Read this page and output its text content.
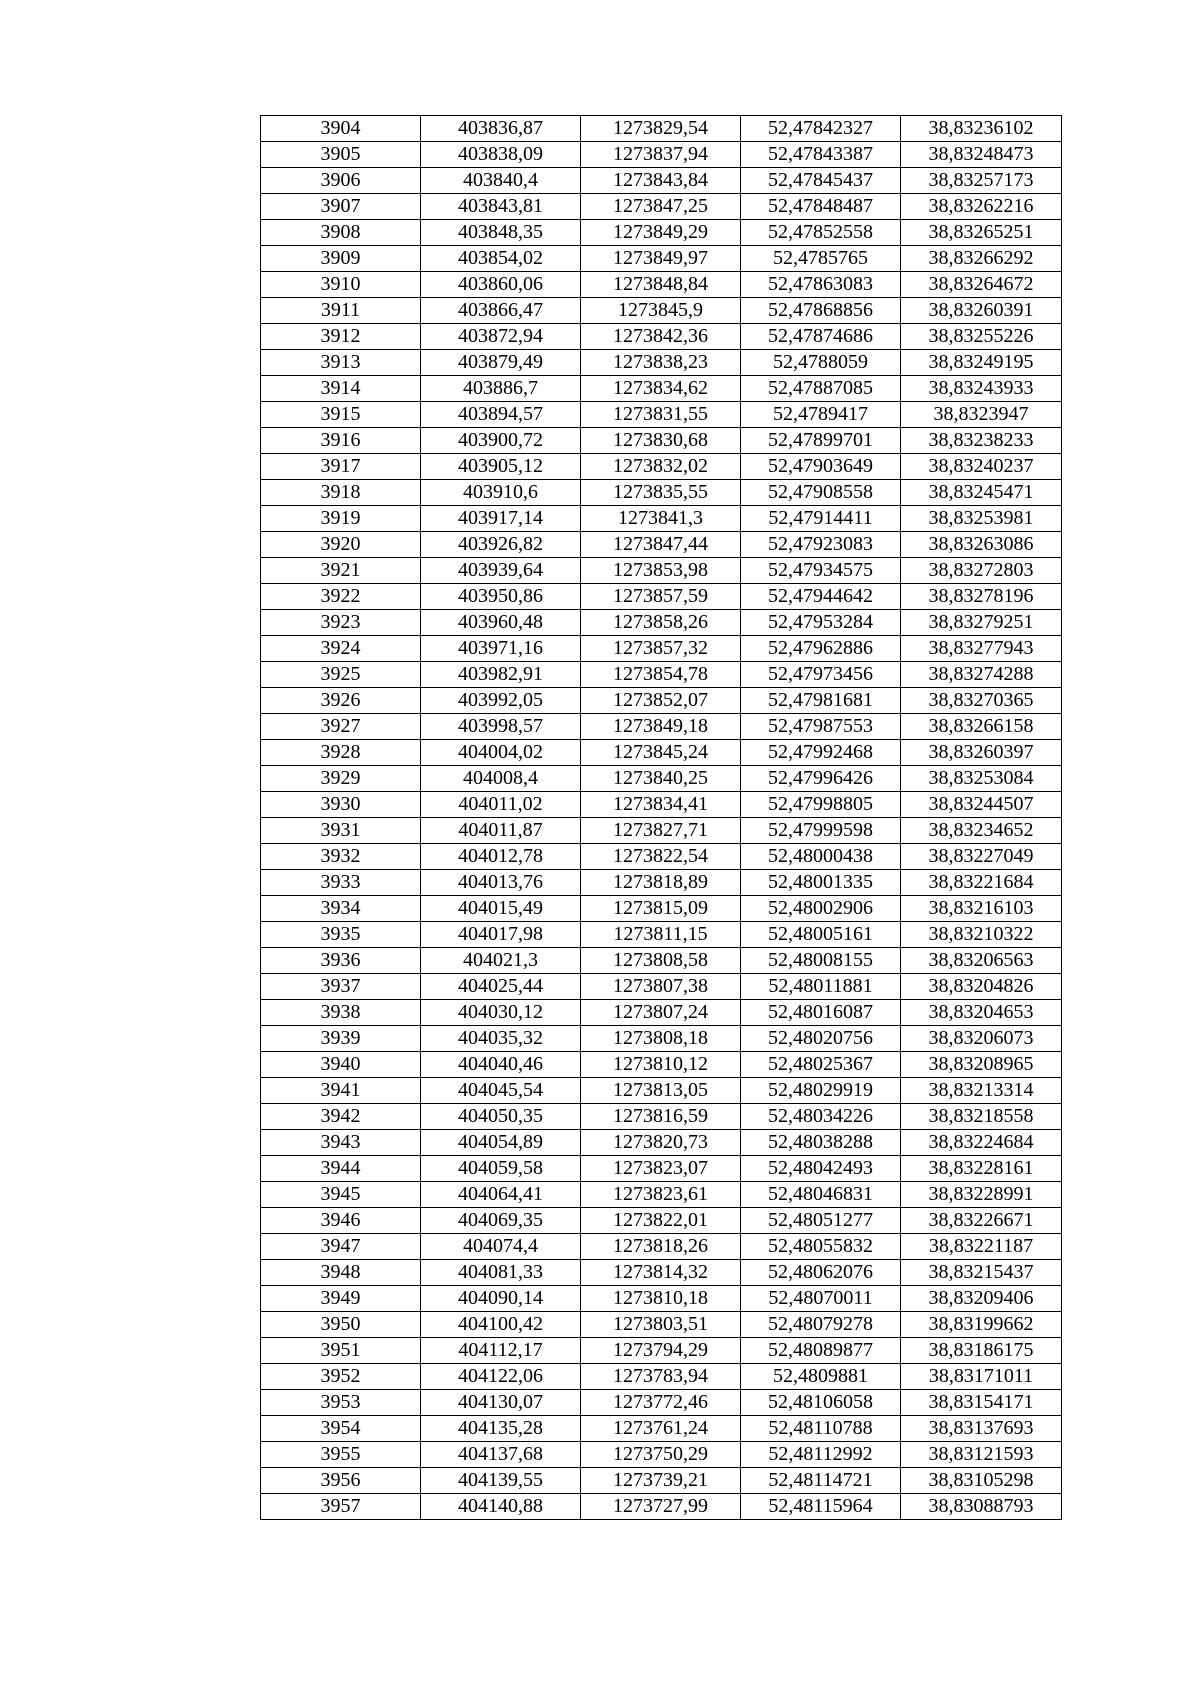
3904	403836,87	1273829,54	52,47842327	38,83236102
3905	403838,09	1273837,94	52,47843387	38,83248473
3906	403840,4	1273843,84	52,47845437	38,83257173
3907	403843,81	1273847,25	52,47848487	38,83262216
3908	403848,35	1273849,29	52,47852558	38,83265251
3909	403854,02	1273849,97	52,4785765	38,83266292
3910	403860,06	1273848,84	52,47863083	38,83264672
3911	403866,47	1273845,9	52,47868856	38,83260391
3912	403872,94	1273842,36	52,47874686	38,83255226
3913	403879,49	1273838,23	52,4788059	38,83249195
3914	403886,7	1273834,62	52,47887085	38,83243933
3915	403894,57	1273831,55	52,4789417	38,8323947
3916	403900,72	1273830,68	52,47899701	38,83238233
3917	403905,12	1273832,02	52,47903649	38,83240237
3918	403910,6	1273835,55	52,47908558	38,83245471
3919	403917,14	1273841,3	52,47914411	38,83253981
3920	403926,82	1273847,44	52,47923083	38,83263086
3921	403939,64	1273853,98	52,47934575	38,83272803
3922	403950,86	1273857,59	52,47944642	38,83278196
3923	403960,48	1273858,26	52,47953284	38,83279251
3924	403971,16	1273857,32	52,47962886	38,83277943
3925	403982,91	1273854,78	52,47973456	38,83274288
3926	403992,05	1273852,07	52,47981681	38,83270365
3927	403998,57	1273849,18	52,47987553	38,83266158
3928	404004,02	1273845,24	52,47992468	38,83260397
3929	404008,4	1273840,25	52,47996426	38,83253084
3930	404011,02	1273834,41	52,47998805	38,83244507
3931	404011,87	1273827,71	52,47999598	38,83234652
3932	404012,78	1273822,54	52,48000438	38,83227049
3933	404013,76	1273818,89	52,48001335	38,83221684
3934	404015,49	1273815,09	52,48002906	38,83216103
3935	404017,98	1273811,15	52,48005161	38,83210322
3936	404021,3	1273808,58	52,48008155	38,83206563
3937	404025,44	1273807,38	52,48011881	38,83204826
3938	404030,12	1273807,24	52,48016087	38,83204653
3939	404035,32	1273808,18	52,48020756	38,83206073
3940	404040,46	1273810,12	52,48025367	38,83208965
3941	404045,54	1273813,05	52,48029919	38,83213314
3942	404050,35	1273816,59	52,48034226	38,83218558
3943	404054,89	1273820,73	52,48038288	38,83224684
3944	404059,58	1273823,07	52,48042493	38,83228161
3945	404064,41	1273823,61	52,48046831	38,83228991
3946	404069,35	1273822,01	52,48051277	38,83226671
3947	404074,4	1273818,26	52,48055832	38,83221187
3948	404081,33	1273814,32	52,48062076	38,83215437
3949	404090,14	1273810,18	52,48070011	38,83209406
3950	404100,42	1273803,51	52,48079278	38,83199662
3951	404112,17	1273794,29	52,48089877	38,83186175
3952	404122,06	1273783,94	52,4809881	38,83171011
3953	404130,07	1273772,46	52,48106058	38,83154171
3954	404135,28	1273761,24	52,48110788	38,83137693
3955	404137,68	1273750,29	52,48112992	38,83121593
3956	404139,55	1273739,21	52,48114721	38,83105298
3957	404140,88	1273727,99	52,48115964	38,83088793
